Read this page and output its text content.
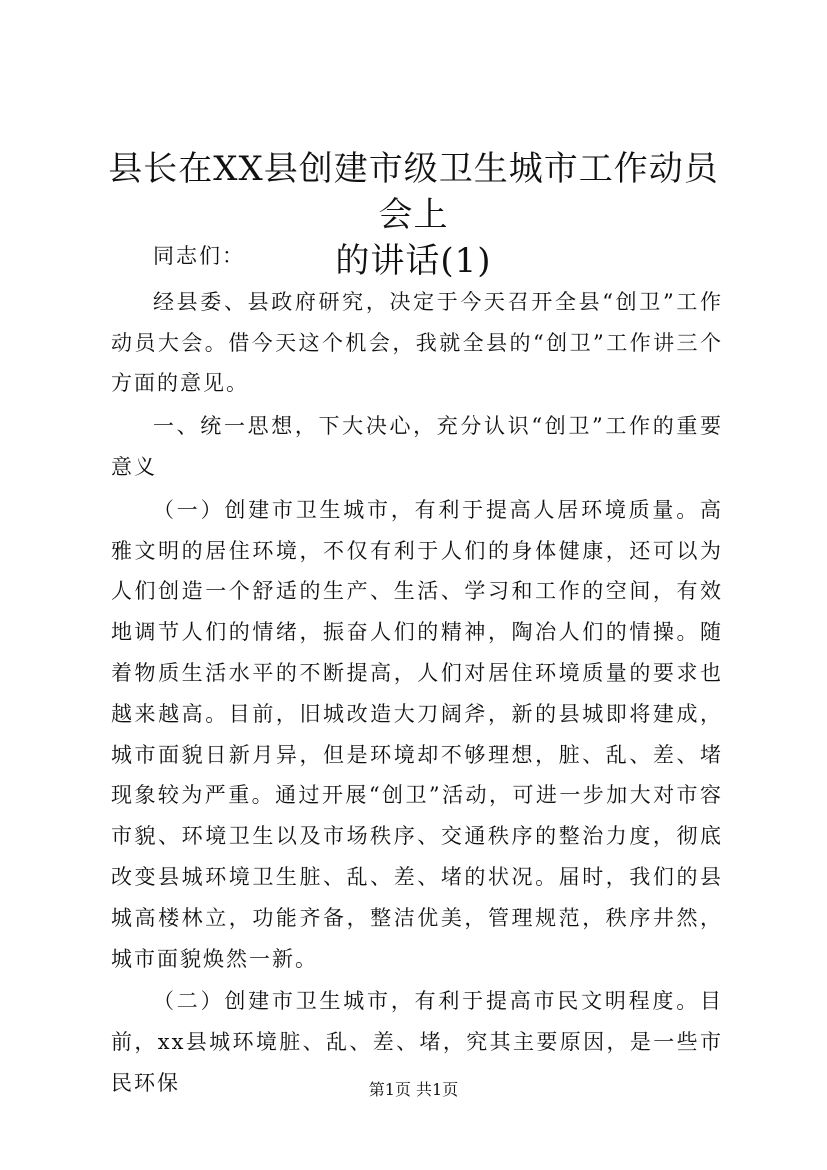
县长在XX县创建市级卫生城市工作动员会上
的讲话(1)

同志们：

经县委、县政府研究，决定于今天召开全县“创卫”工作动员大会。借今天这个机会，我就全县的“创卫”工作讲三个方面的意见。

一、统一思想，下大决心，充分认识“创卫”工作的重要意义

（一）创建市卫生城市，有利于提高人居环境质量。高雅文明的居住环境，不仅有利于人们的身体健康，还可以为人们创造一个舒适的生产、生活、学习和工作的空间，有效地调节人们的情绪，振奋人们的精神，陶冶人们的情操。随着物质生活水平的不断提高，人们对居住环境质量的要求也越来越高。目前，旧城改造大刀阔斧，新的县城即将建成，城市面貌日新月异，但是环境却不够理想，脏、乱、差、堵现象较为严重。通过开展“创卫”活动，可进一步加大对市容市貌、环境卫生以及市场秩序、交通秩序的整治力度，彻底改变县城环境卫生脏、乱、差、堵的状况。届时，我们的县城高楼林立，功能齐备，整洁优美，管理规范，秩序井然，城市面貌焕然一新。

（二）创建市卫生城市，有利于提高市民文明程度。目前，xx县城环境脏、乱、差、堵，究其主要原因，是一些市民环保	第1页 共1页
